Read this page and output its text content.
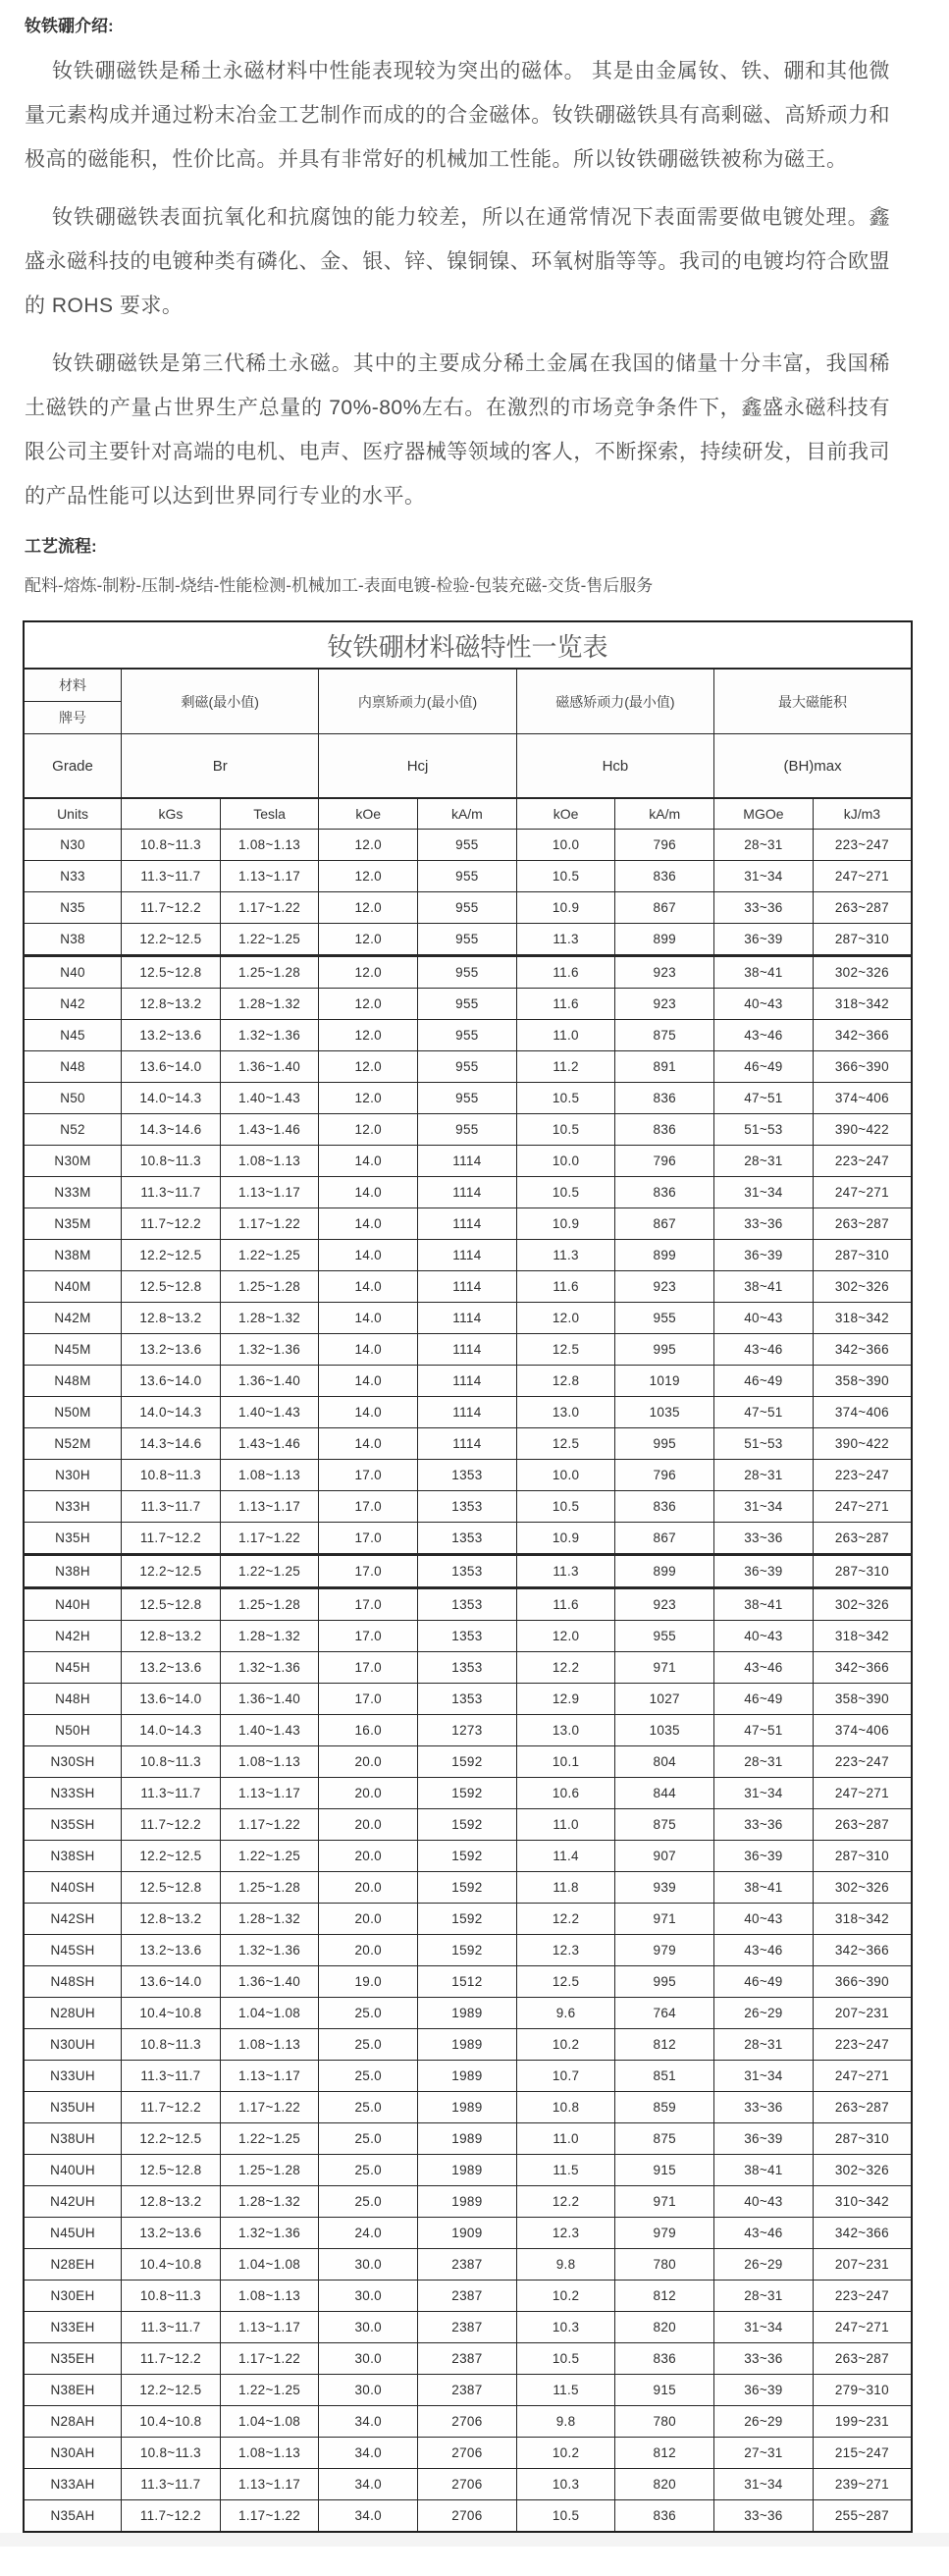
钕铁硼介绍:

钕铁硼磁铁是稀土永磁材料中性能表现较为突出的磁体。 其是由金属钕、铁、硼和其他微量元素构成并通过粉末冶金工艺制作而成的的合金磁体。钕铁硼磁铁具有高剩磁、高矫顽力和极高的磁能积，性价比高。并具有非常好的机械加工性能。所以钕铁硼磁铁被称为磁王。

钕铁硼磁铁表面抗氧化和抗腐蚀的能力较差，所以在通常情况下表面需要做电镀处理。鑫盛永磁科技的电镀种类有磷化、金、银、锌、镍铜镍、环氧树脂等等。我司的电镀均符合欧盟的 ROHS 要求。

钕铁硼磁铁是第三代稀土永磁。其中的主要成分稀土金属在我国的储量十分丰富，我国稀土磁铁的产量占世界生产总量的 70%-80%左右。在激烈的市场竞争条件下，鑫盛永磁科技有限公司主要针对高端的电机、电声、医疗器械等领域的客人，不断探索，持续研发，目前我司的产品性能可以达到世界同行专业的水平。

工艺流程:
配料-熔炼-制粉-压制-烧结-性能检测-机械加工-表面电镀-检验-包装充磁-交货-售后服务
钕铁硼材料磁特性一览表								
材料	剩磁(最小值)		内禀矫顽力(最小值)		磁感矫顽力(最小值)		最大磁能积	
牌号								
Grade	Br		Hcj		Hcb		(BH)max	
Units	kGs	Tesla	kOe	kA/m	kOe	kA/m	MGOe	kJ/m3
N30	10.8~11.3	1.08~1.13	12.0	955	10.0	796	28~31	223~247
N33	11.3~11.7	1.13~1.17	12.0	955	10.5	836	31~34	247~271
N35	11.7~12.2	1.17~1.22	12.0	955	10.9	867	33~36	263~287
N38	12.2~12.5	1.22~1.25	12.0	955	11.3	899	36~39	287~310
N40	12.5~12.8	1.25~1.28	12.0	955	11.6	923	38~41	302~326
N42	12.8~13.2	1.28~1.32	12.0	955	11.6	923	40~43	318~342
N45	13.2~13.6	1.32~1.36	12.0	955	11.0	875	43~46	342~366
N48	13.6~14.0	1.36~1.40	12.0	955	11.2	891	46~49	366~390
N50	14.0~14.3	1.40~1.43	12.0	955	10.5	836	47~51	374~406
N52	14.3~14.6	1.43~1.46	12.0	955	10.5	836	51~53	390~422
N30M	10.8~11.3	1.08~1.13	14.0	1114	10.0	796	28~31	223~247
N33M	11.3~11.7	1.13~1.17	14.0	1114	10.5	836	31~34	247~271
N35M	11.7~12.2	1.17~1.22	14.0	1114	10.9	867	33~36	263~287
N38M	12.2~12.5	1.22~1.25	14.0	1114	11.3	899	36~39	287~310
N40M	12.5~12.8	1.25~1.28	14.0	1114	11.6	923	38~41	302~326
N42M	12.8~13.2	1.28~1.32	14.0	1114	12.0	955	40~43	318~342
N45M	13.2~13.6	1.32~1.36	14.0	1114	12.5	995	43~46	342~366
N48M	13.6~14.0	1.36~1.40	14.0	1114	12.8	1019	46~49	358~390
N50M	14.0~14.3	1.40~1.43	14.0	1114	13.0	1035	47~51	374~406
N52M	14.3~14.6	1.43~1.46	14.0	1114	12.5	995	51~53	390~422
N30H	10.8~11.3	1.08~1.13	17.0	1353	10.0	796	28~31	223~247
N33H	11.3~11.7	1.13~1.17	17.0	1353	10.5	836	31~34	247~271
N35H	11.7~12.2	1.17~1.22	17.0	1353	10.9	867	33~36	263~287
N38H	12.2~12.5	1.22~1.25	17.0	1353	11.3	899	36~39	287~310
N40H	12.5~12.8	1.25~1.28	17.0	1353	11.6	923	38~41	302~326
N42H	12.8~13.2	1.28~1.32	17.0	1353	12.0	955	40~43	318~342
N45H	13.2~13.6	1.32~1.36	17.0	1353	12.2	971	43~46	342~366
N48H	13.6~14.0	1.36~1.40	17.0	1353	12.9	1027	46~49	358~390
N50H	14.0~14.3	1.40~1.43	16.0	1273	13.0	1035	47~51	374~406
N30SH	10.8~11.3	1.08~1.13	20.0	1592	10.1	804	28~31	223~247
N33SH	11.3~11.7	1.13~1.17	20.0	1592	10.6	844	31~34	247~271
N35SH	11.7~12.2	1.17~1.22	20.0	1592	11.0	875	33~36	263~287
N38SH	12.2~12.5	1.22~1.25	20.0	1592	11.4	907	36~39	287~310
N40SH	12.5~12.8	1.25~1.28	20.0	1592	11.8	939	38~41	302~326
N42SH	12.8~13.2	1.28~1.32	20.0	1592	12.2	971	40~43	318~342
N45SH	13.2~13.6	1.32~1.36	20.0	1592	12.3	979	43~46	342~366
N48SH	13.6~14.0	1.36~1.40	19.0	1512	12.5	995	46~49	366~390
N28UH	10.4~10.8	1.04~1.08	25.0	1989	9.6	764	26~29	207~231
N30UH	10.8~11.3	1.08~1.13	25.0	1989	10.2	812	28~31	223~247
N33UH	11.3~11.7	1.13~1.17	25.0	1989	10.7	851	31~34	247~271
N35UH	11.7~12.2	1.17~1.22	25.0	1989	10.8	859	33~36	263~287
N38UH	12.2~12.5	1.22~1.25	25.0	1989	11.0	875	36~39	287~310
N40UH	12.5~12.8	1.25~1.28	25.0	1989	11.5	915	38~41	302~326
N42UH	12.8~13.2	1.28~1.32	25.0	1989	12.2	971	40~43	310~342
N45UH	13.2~13.6	1.32~1.36	24.0	1909	12.3	979	43~46	342~366
N28EH	10.4~10.8	1.04~1.08	30.0	2387	9.8	780	26~29	207~231
N30EH	10.8~11.3	1.08~1.13	30.0	2387	10.2	812	28~31	223~247
N33EH	11.3~11.7	1.13~1.17	30.0	2387	10.3	820	31~34	247~271
N35EH	11.7~12.2	1.17~1.22	30.0	2387	10.5	836	33~36	263~287
N38EH	12.2~12.5	1.22~1.25	30.0	2387	11.5	915	36~39	279~310
N28AH	10.4~10.8	1.04~1.08	34.0	2706	9.8	780	26~29	199~231
N30AH	10.8~11.3	1.08~1.13	34.0	2706	10.2	812	27~31	215~247
N33AH	11.3~11.7	1.13~1.17	34.0	2706	10.3	820	31~34	239~271
N35AH	11.7~12.2	1.17~1.22	34.0	2706	10.5	836	33~36	255~287
